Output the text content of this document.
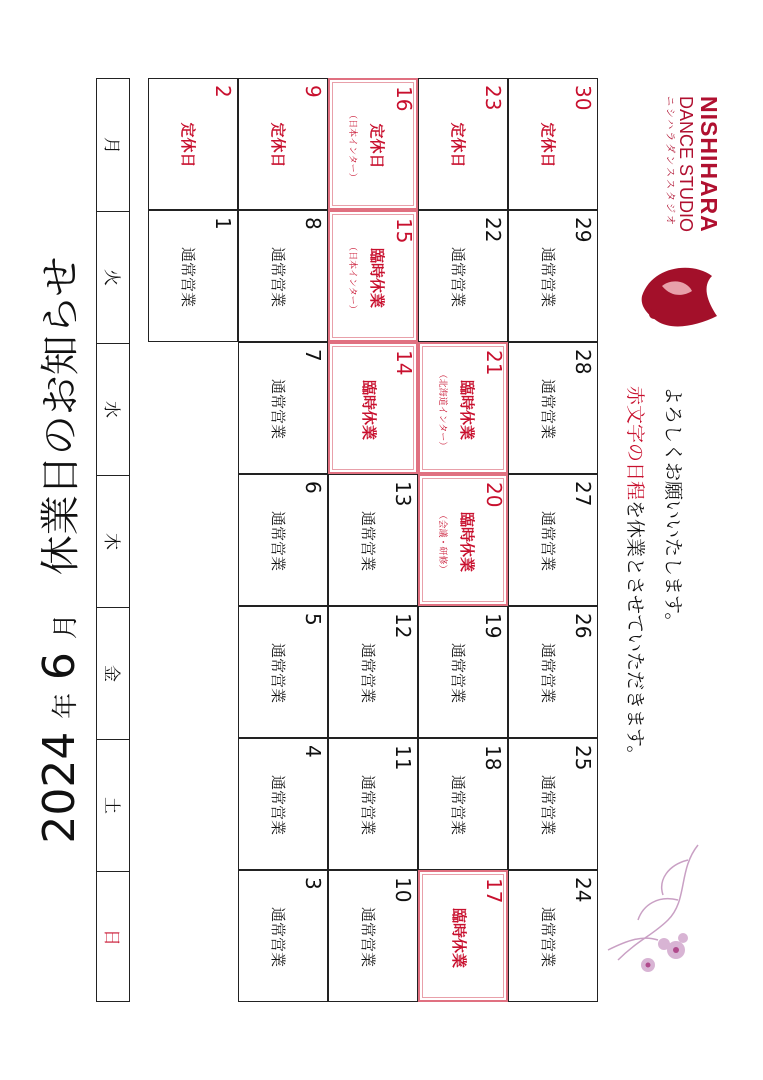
2024 年 6 月   休業日のお知らせ
月
火
水
木
金
土
日
1
通常営業
2
定休日
3
通常営業
4
通常営業
5
通常営業
6
通常営業
7
通常営業
8
通常営業
9
定休日
10
通常営業
11
通常営業
12
通常営業
13
通常営業
14
臨時休業
15
臨時休業
（日本インター）
16
定休日
（日本インター）
17
臨時休業
18
通常営業
19
通常営業
20
臨時休業
（会議・研修）
21
臨時休業
（北海道インター）
22
通常営業
23
定休日
24
通常営業
25
通常営業
26
通常営業
27
通常営業
28
通常営業
29
通常営業
30
定休日
赤文字の日程を休業とさせていただきます。 よろしくお願いいたします。
NISHIHARA
DANCE STUDIO
ニシハラダンススタジオ
